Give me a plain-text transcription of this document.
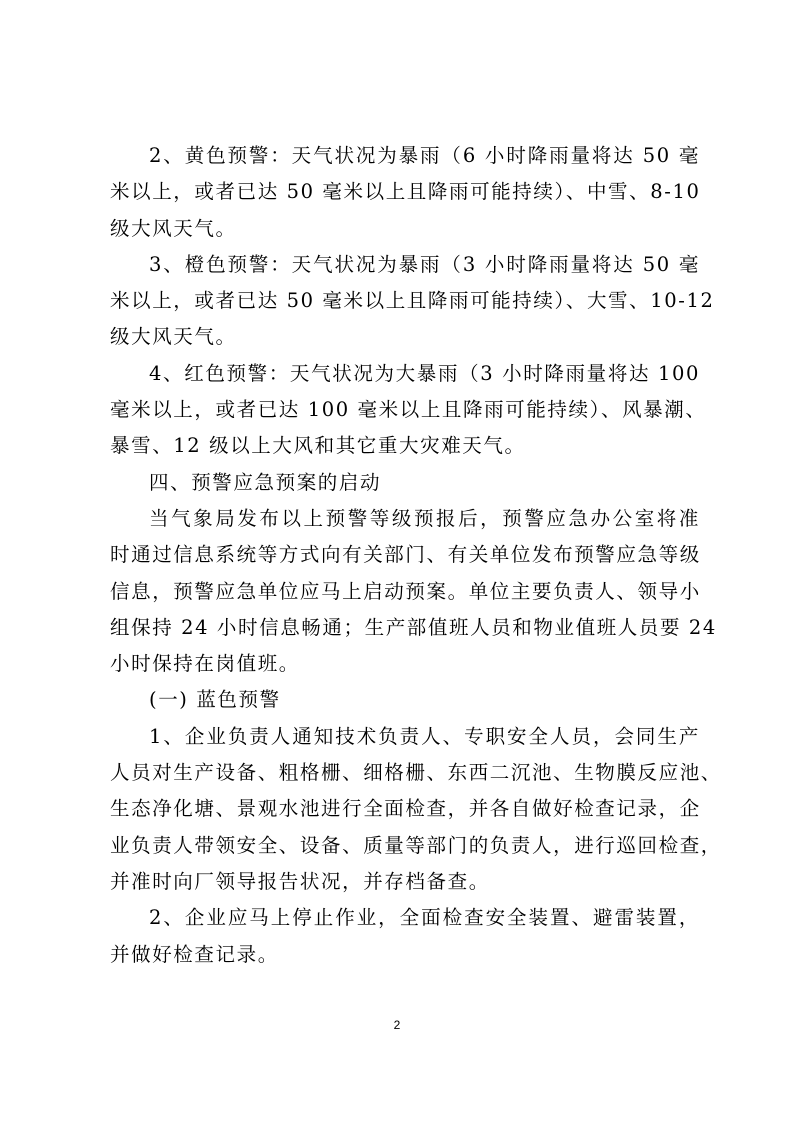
2、黄色预警：天气状况为暴雨（6 小时降雨量将达 50 毫
米以上，或者已达 50 毫米以上且降雨可能持续）、中雪、8-10
级大风天气。

3、橙色预警：天气状况为暴雨（3 小时降雨量将达 50 毫
米以上，或者已达 50 毫米以上且降雨可能持续）、大雪、10-12
级大风天气。

4、红色预警：天气状况为大暴雨（3 小时降雨量将达 100
毫米以上，或者已达 100 毫米以上且降雨可能持续）、风暴潮、
暴雪、12 级以上大风和其它重大灾难天气。

四、预警应急预案的启动

当气象局发布以上预警等级预报后，预警应急办公室将准
时通过信息系统等方式向有关部门、有关单位发布预警应急等级
信息，预警应急单位应马上启动预案。单位主要负责人、领导小
组保持 24 小时信息畅通；生产部值班人员和物业值班人员要 24
小时保持在岗值班。

(一) 蓝色预警

1、企业负责人通知技术负责人、专职安全人员，会同生产
人员对生产设备、粗格栅、细格栅、东西二沉池、生物膜反应池、
生态净化塘、景观水池进行全面检查，并各自做好检查记录，企
业负责人带领安全、设备、质量等部门的负责人，进行巡回检查，
并准时向厂领导报告状况，并存档备查。

2、企业应马上停止作业，全面检查安全装置、避雷装置，
并做好检查记录。

2
